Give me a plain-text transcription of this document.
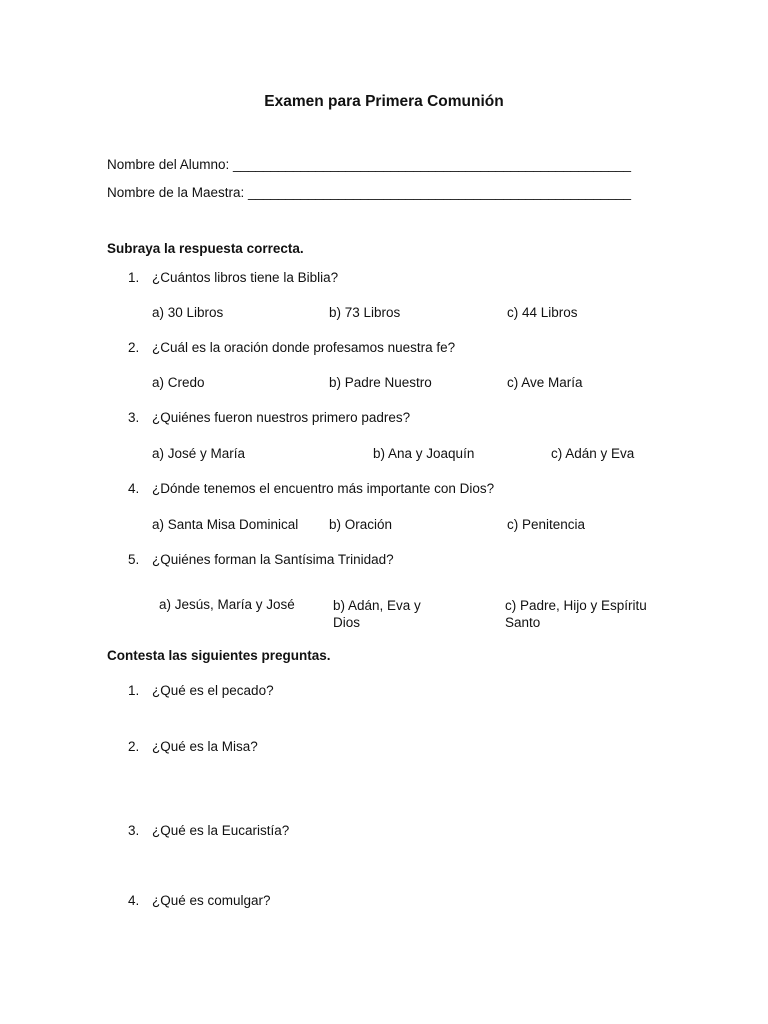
Examen para Primera Comunión
Nombre del Alumno: _____________________________________________________
Nombre de la Maestra: ___________________________________________________
Subraya la respuesta correcta.
1. ¿Cuántos libros tiene la Biblia?
a) 30 Libros	b) 73 Libros	c) 44 Libros
2. ¿Cuál es la oración donde profesamos nuestra fe?
a) Credo	b) Padre Nuestro	c) Ave María
3. ¿Quiénes fueron nuestros primero padres?
a) José y María	b) Ana y Joaquín	c) Adán y Eva
4. ¿Dónde tenemos el encuentro más importante con Dios?
a) Santa Misa Dominical b) Oración	c) Penitencia
5. ¿Quiénes forman la Santísima Trinidad?
a) Jesús, María y José	b) Adán, Eva y Dios
c) Padre, Hijo y Espíritu Santo
Contesta las siguientes preguntas.
1. ¿Qué es el pecado?
2. ¿Qué es la Misa?
3. ¿Qué es la Eucaristía?
4. ¿Qué es comulgar?
